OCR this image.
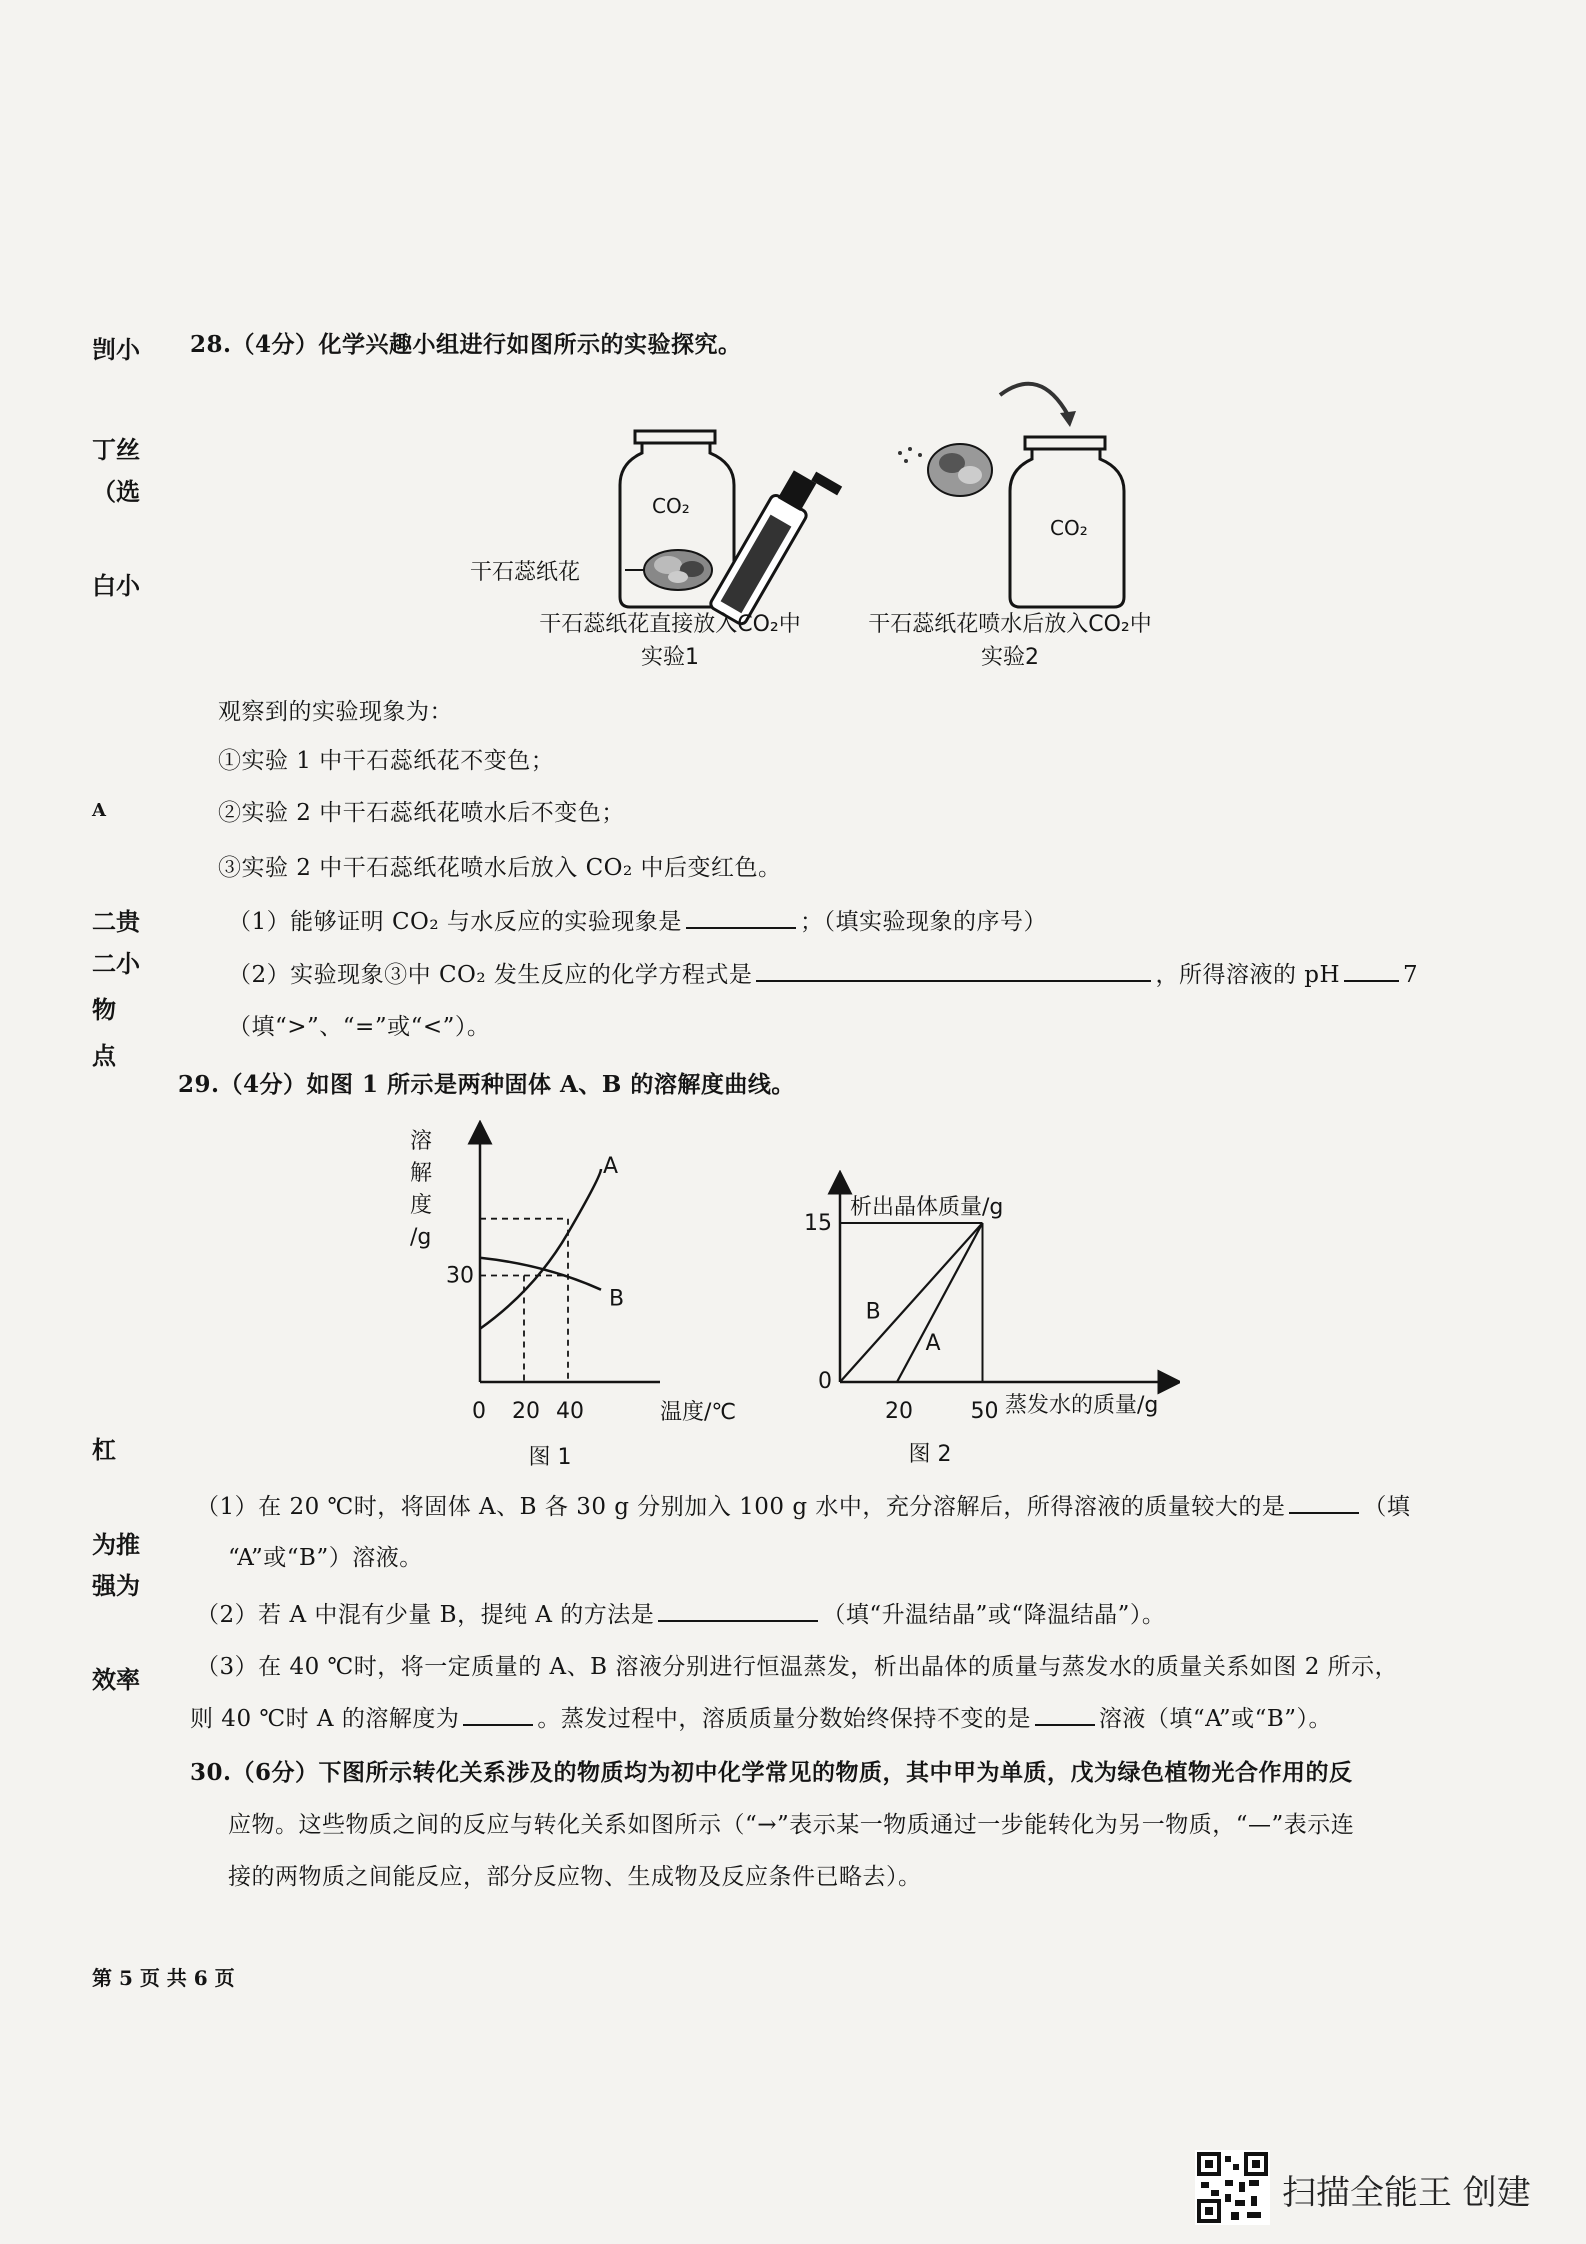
剀小
丁丝
（选
白小
A
二贵
二小
物
点
杠
为推
强为
效率
28.（4分）化学兴趣小组进行如图所示的实验探究。
CO₂
CO₂
干石蕊纸花
干石蕊纸花直接放入CO₂中
实验1
干石蕊纸花喷水后放入CO₂中
实验2
观察到的实验现象为：
①实验 1 中干石蕊纸花不变色；
②实验 2 中干石蕊纸花喷水后不变色；
③实验 2 中干石蕊纸花喷水后放入 CO₂ 中后变红色。
（1）能够证明 CO₂ 与水反应的实验现象是	；（填实验现象的序号）
（2）实验现象③中 CO₂ 发生反应的化学方程式是	，所得溶液的 pH	7
（填“>”、“=”或“<”）。
29.（4分）如图 1 所示是两种固体 A、B 的溶解度曲线。
溶
解
度
/g
0 20 40
30
A
B
温度/℃
图 1
0
20	50
15
B
A
析出晶体质量/g
蒸发水的质量/g
图 2
（1）在 20 ℃时，将固体 A、B 各 30 g 分别加入 100 g 水中，充分溶解后，所得溶液的质量较大的是	（填
“A”或“B”）溶液。
（2）若 A 中混有少量 B，提纯 A 的方法是	（填“升温结晶”或“降温结晶”）。
（3）在 40 ℃时，将一定质量的 A、B 溶液分别进行恒温蒸发，析出晶体的质量与蒸发水的质量关系如图 2 所示，
则 40 ℃时 A 的溶解度为	。蒸发过程中，溶质质量分数始终保持不变的是	溶液（填“A”或“B”）。
30.（6分）下图所示转化关系涉及的物质均为初中化学常见的物质，其中甲为单质，戊为绿色植物光合作用的反
应物。这些物质之间的反应与转化关系如图所示（“→”表示某一物质通过一步能转化为另一物质，“—”表示连
接的两物质之间能反应，部分反应物、生成物及反应条件已略去）。
第 5 页 共 6 页
扫描全能王 创建
